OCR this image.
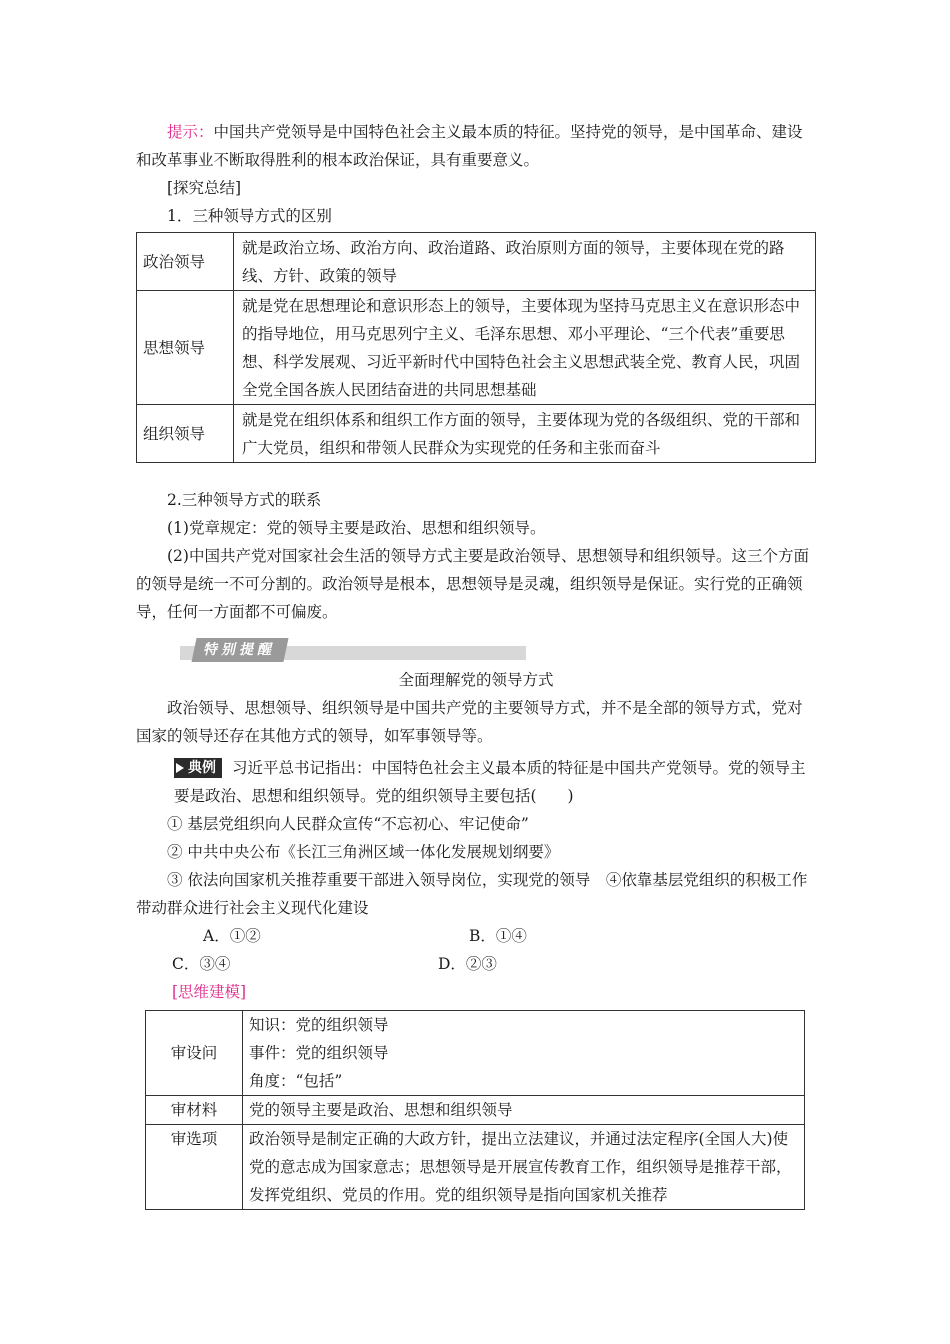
提示：中国共产党领导是中国特色社会主义最本质的特征。坚持党的领导，是中国革命、建设和改革事业不断取得胜利的根本政治保证，具有重要意义。

[探究总结]

1．三种领导方式的区别

政治领导	就是政治立场、政治方向、政治道路、政治原则方面的领导，主要体现在党的路线、方针、政策的领导
思想领导	就是党在思想理论和意识形态上的领导，主要体现为坚持马克思主义在意识形态中的指导地位，用马克思列宁主义、毛泽东思想、邓小平理论、“三个代表”重要思想、科学发展观、习近平新时代中国特色社会主义思想武装全党、教育人民，巩固全党全国各族人民团结奋进的共同思想基础
组织领导	就是党在组织体系和组织工作方面的领导，主要体现为党的各级组织、党的干部和广大党员，组织和带领人民群众为实现党的任务和主张而奋斗

2.三种领导方式的联系

(1)党章规定：党的领导主要是政治、思想和组织领导。

(2)中国共产党对国家社会生活的领导方式主要是政治领导、思想领导和组织领导。这三个方面的领导是统一不可分割的。政治领导是根本，思想领导是灵魂，组织领导是保证。实行党的正确领导，任何一方面都不可偏废。

特别提醒

全面理解党的领导方式

政治领导、思想领导、组织领导是中国共产党的主要领导方式，并不是全部的领导方式，党对国家的领导还存在其他方式的领导，如军事领导等。

典例 习近平总书记指出：中国特色社会主义最本质的特征是中国共产党领导。党的领导主要是政治、思想和组织领导。党的组织领导主要包括(　　)

① 基层党组织向人民群众宣传“不忘初心、牢记使命”

② 中共中央公布《长江三角洲区域一体化发展规划纲要》

③ 依法向国家机关推荐重要干部进入领导岗位，实现党的领导　④依靠基层党组织的积极工作带动群众进行社会主义现代化建设

A．①②	B．①④
C．③④	D．②③

[思维建模]

审设问	知识：党的组织领导
事件：党的组织领导
角度：“包括”

审材料	党的领导主要是政治、思想和组织领导
审选项	政治领导是制定正确的大政方针，提出立法建议，并通过法定程序(全国人大)使党的意志成为国家意志；思想领导是开展宣传教育工作，组织领导是推荐干部，发挥党组织、党员的作用。党的组织领导是指向国家机关推荐
